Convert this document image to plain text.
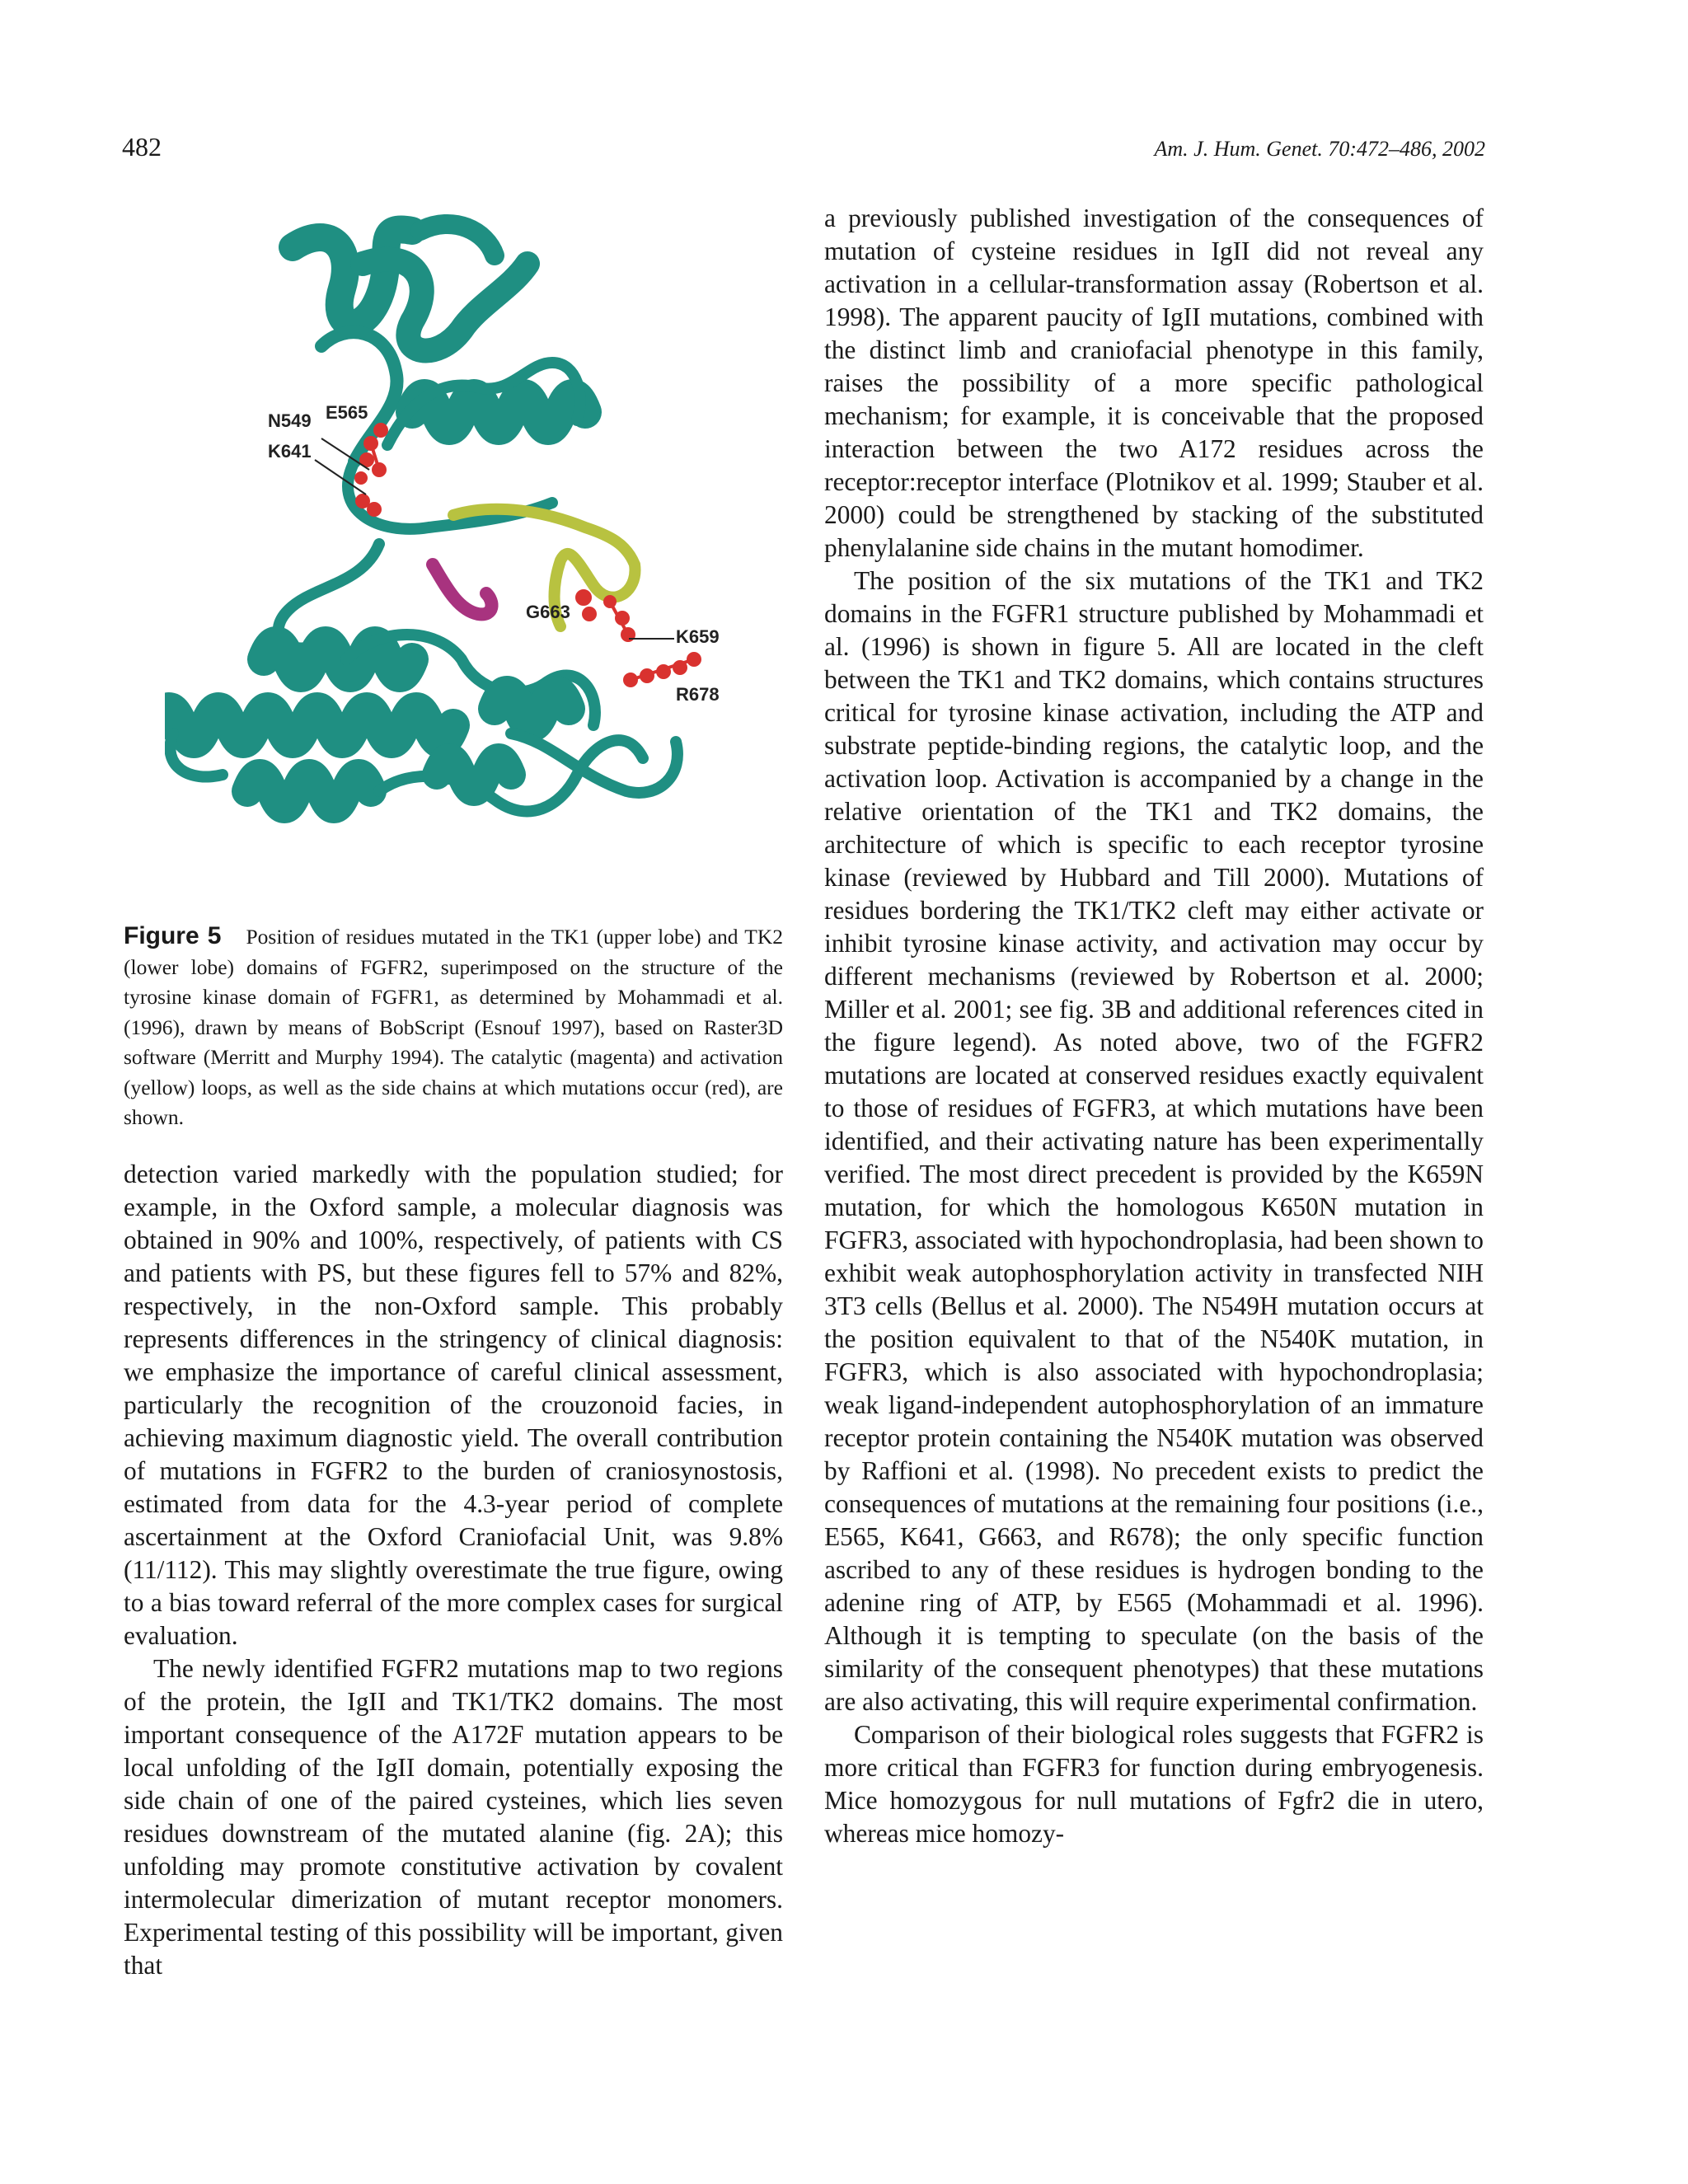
482	Am. J. Hum. Genet. 70:472–486, 2002
N549 E565
K641
G663
K659
R678
Figure 5 Position of residues mutated in the TK1 (upper lobe) and TK2 (lower lobe) domains of FGFR2, superimposed on the structure of the tyrosine kinase domain of FGFR1, as determined by Mohammadi et al. (1996), drawn by means of BobScript (Esnouf 1997), based on Raster3D software (Merritt and Murphy 1994). The catalytic (magenta) and activation (yellow) loops, as well as the side chains at which mutations occur (red), are shown.

detection varied markedly with the population studied; for example, in the Oxford sample, a molecular diagnosis was obtained in 90% and 100%, respectively, of patients with CS and patients with PS, but these figures fell to 57% and 82%, respectively, in the non-Oxford sample. This probably represents differences in the stringency of clinical diagnosis: we emphasize the importance of careful clinical assessment, particularly the recognition of the crouzonoid facies, in achieving maximum diagnostic yield. The overall contribution of mutations in FGFR2 to the burden of craniosynostosis, estimated from data for the 4.3-year period of complete ascertainment at the Oxford Craniofacial Unit, was 9.8% (11/112). This may slightly overestimate the true figure, owing to a bias toward referral of the more complex cases for surgical evaluation.

The newly identified FGFR2 mutations map to two regions of the protein, the IgII and TK1/TK2 domains. The most important consequence of the A172F mutation appears to be local unfolding of the IgII domain, potentially exposing the side chain of one of the paired cysteines, which lies seven residues downstream of the mutated alanine (fig. 2A); this unfolding may promote constitutive activation by covalent intermolecular dimerization of mutant receptor monomers. Experimental testing of this possibility will be important, given that

a previously published investigation of the consequences of mutation of cysteine residues in IgII did not reveal any activation in a cellular-transformation assay (Robertson et al. 1998). The apparent paucity of IgII mutations, combined with the distinct limb and craniofacial phenotype in this family, raises the possibility of a more specific pathological mechanism; for example, it is conceivable that the proposed interaction between the two A172 residues across the receptor:receptor interface (Plotnikov et al. 1999; Stauber et al. 2000) could be strengthened by stacking of the substituted phenylalanine side chains in the mutant homodimer.

The position of the six mutations of the TK1 and TK2 domains in the FGFR1 structure published by Mohammadi et al. (1996) is shown in figure 5. All are located in the cleft between the TK1 and TK2 domains, which contains structures critical for tyrosine kinase activation, including the ATP and substrate peptide-binding regions, the catalytic loop, and the activation loop. Activation is accompanied by a change in the relative orientation of the TK1 and TK2 domains, the architecture of which is specific to each receptor tyrosine kinase (reviewed by Hubbard and Till 2000). Mutations of residues bordering the TK1/TK2 cleft may either activate or inhibit tyrosine kinase activity, and activation may occur by different mechanisms (reviewed by Robertson et al. 2000; Miller et al. 2001; see fig. 3B and additional references cited in the figure legend). As noted above, two of the FGFR2 mutations are located at conserved residues exactly equivalent to those of residues of FGFR3, at which mutations have been identified, and their activating nature has been experimentally verified. The most direct precedent is provided by the K659N mutation, for which the homologous K650N mutation in FGFR3, associated with hypochondroplasia, had been shown to exhibit weak autophosphorylation activity in transfected NIH 3T3 cells (Bellus et al. 2000). The N549H mutation occurs at the position equivalent to that of the N540K mutation, in FGFR3, which is also associated with hypochondroplasia; weak ligand-independent autophosphorylation of an immature receptor protein containing the N540K mutation was observed by Raffioni et al. (1998). No precedent exists to predict the consequences of mutations at the remaining four positions (i.e., E565, K641, G663, and R678); the only specific function ascribed to any of these residues is hydrogen bonding to the adenine ring of ATP, by E565 (Mohammadi et al. 1996). Although it is tempting to speculate (on the basis of the similarity of the consequent phenotypes) that these mutations are also activating, this will require experimental confirmation.

Comparison of their biological roles suggests that FGFR2 is more critical than FGFR3 for function during embryogenesis. Mice homozygous for null mutations of Fgfr2 die in utero, whereas mice homozy-
